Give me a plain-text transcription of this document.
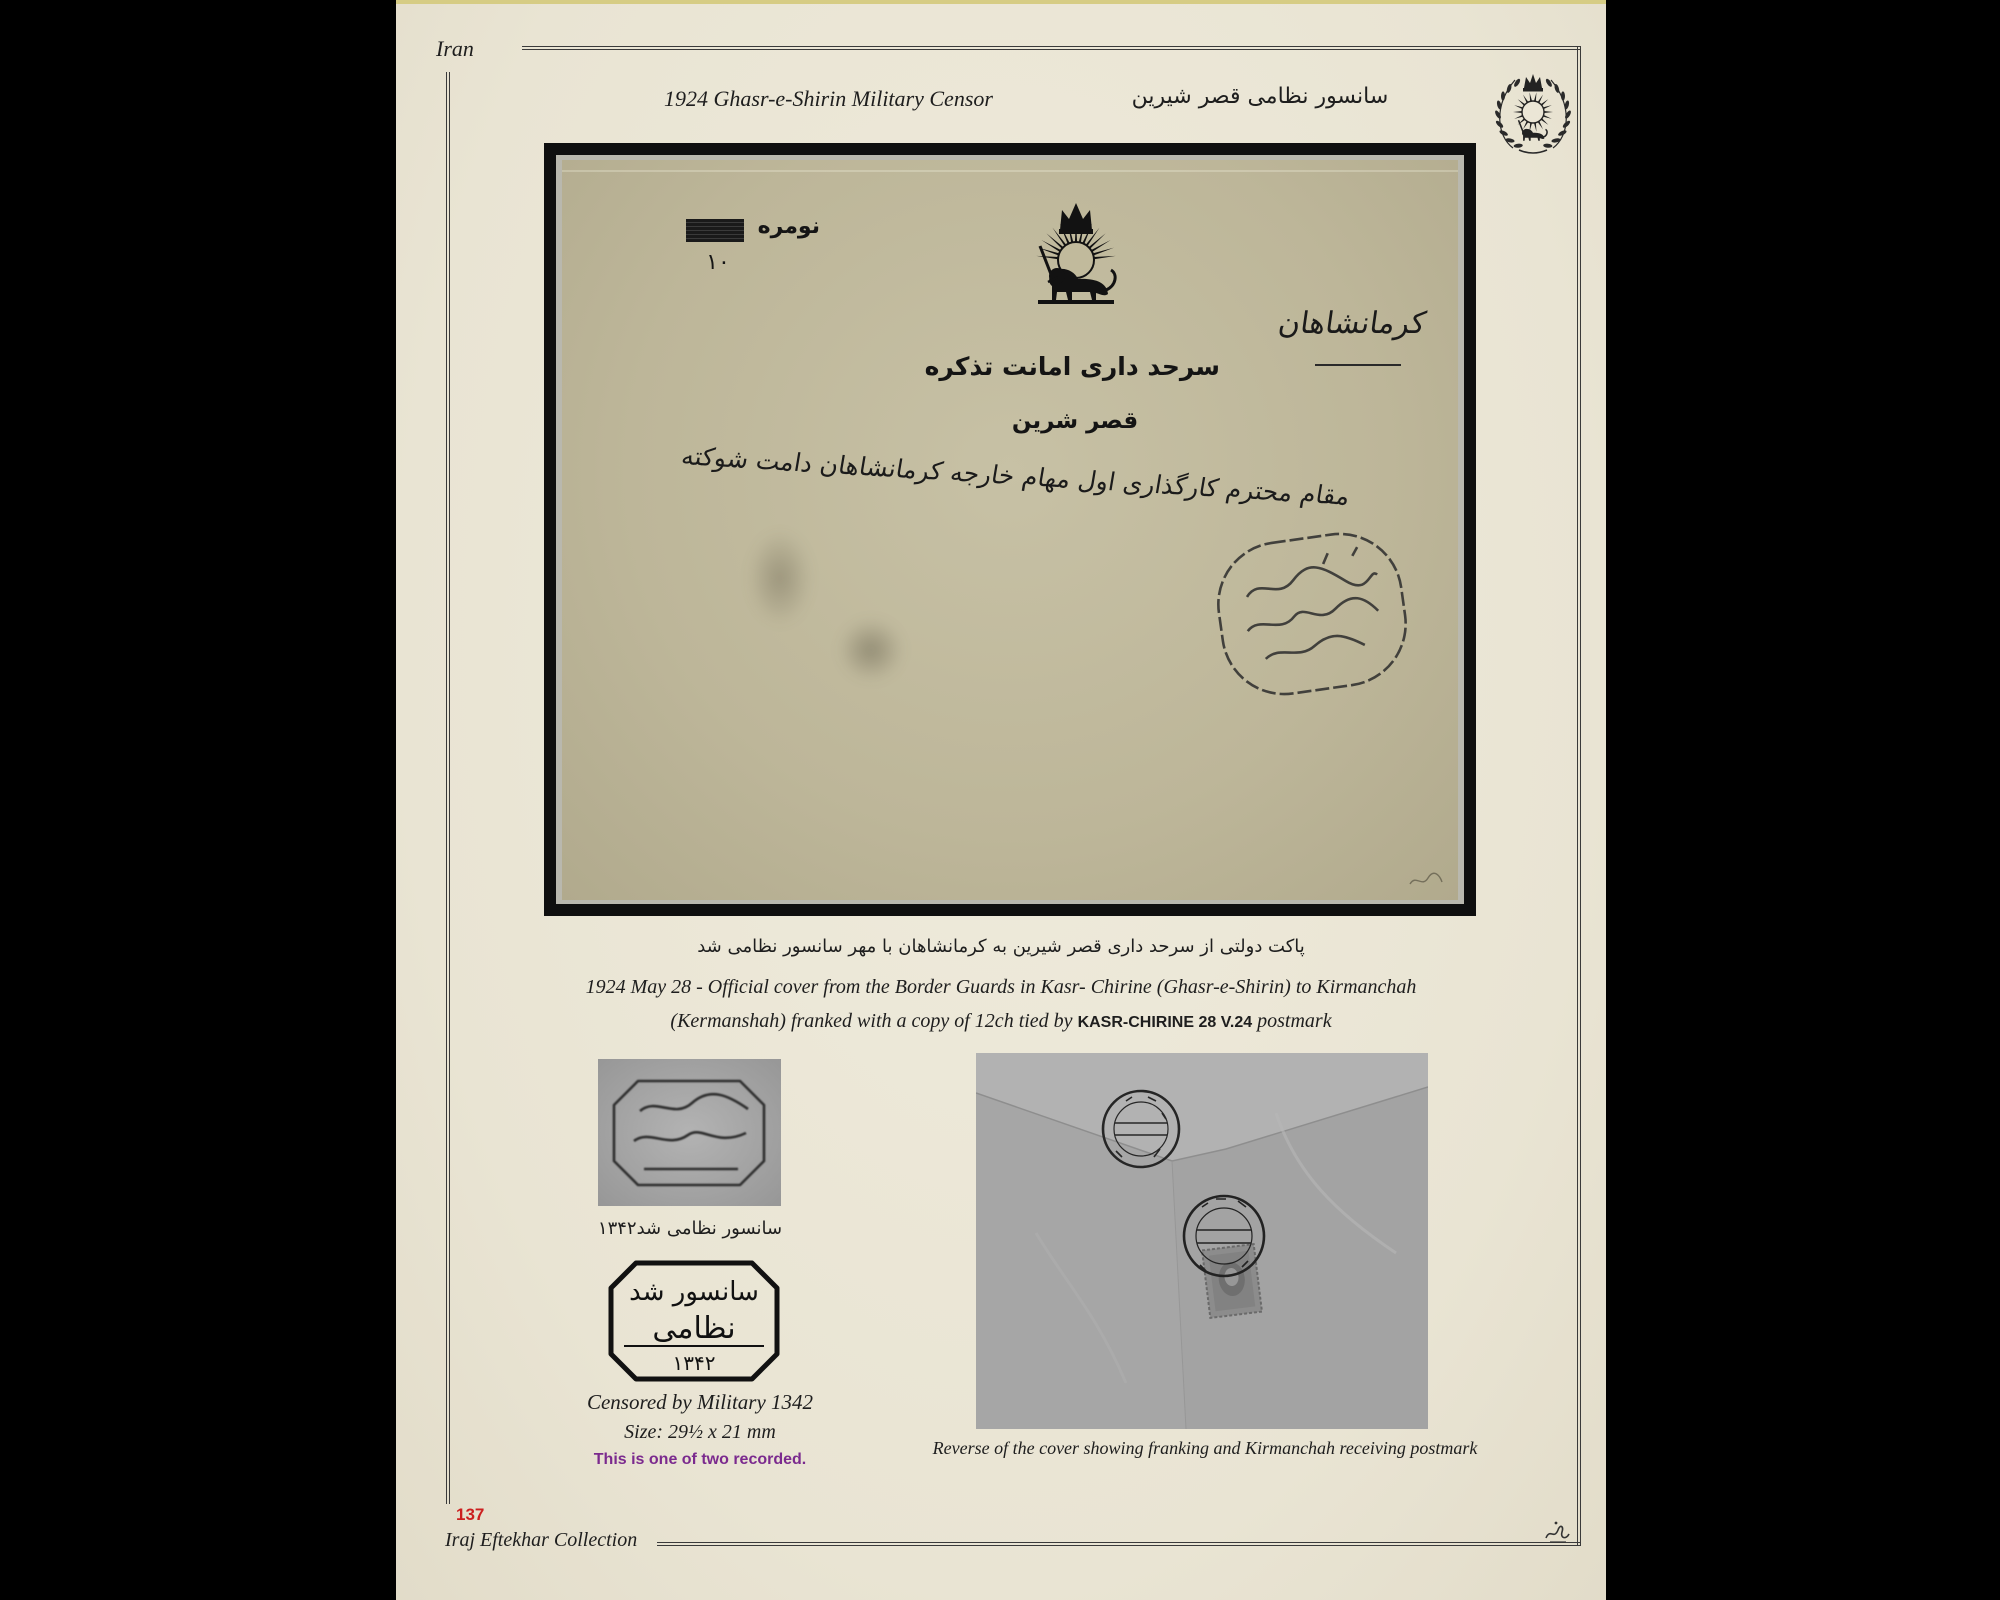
Iran
1924 Ghasr-e-Shirin Military Censor	سانسور نظامی قصر شیرین
نومره
۱۰
کرمانشاهان
سرحد داری امانت تذکره
قصر شرین
مقام محترم کارگذاری اول مهام خارجه کرمانشاهان دامت شوکته
پاکت دولتی از سرحد داری قصر شیرین به کرمانشاهان با مهر سانسور نظامی شد
1924 May 28 - Official cover from the Border Guards in Kasr- Chirine (Ghasr-e-Shirin) to Kirmanchah
(Kermanshah) franked with a copy of 12ch tied by KASR-CHIRINE 28 V.24 postmark
سانسور نظامی شد۱۳۴۲
سانسور شد
نظامی
۱۳۴۲
Censored by Military 1342
Size: 29½ x 21 mm
This is one of two recorded.
Reverse of the cover showing franking and Kirmanchah receiving postmark
137
Iraj Eftekhar Collection
